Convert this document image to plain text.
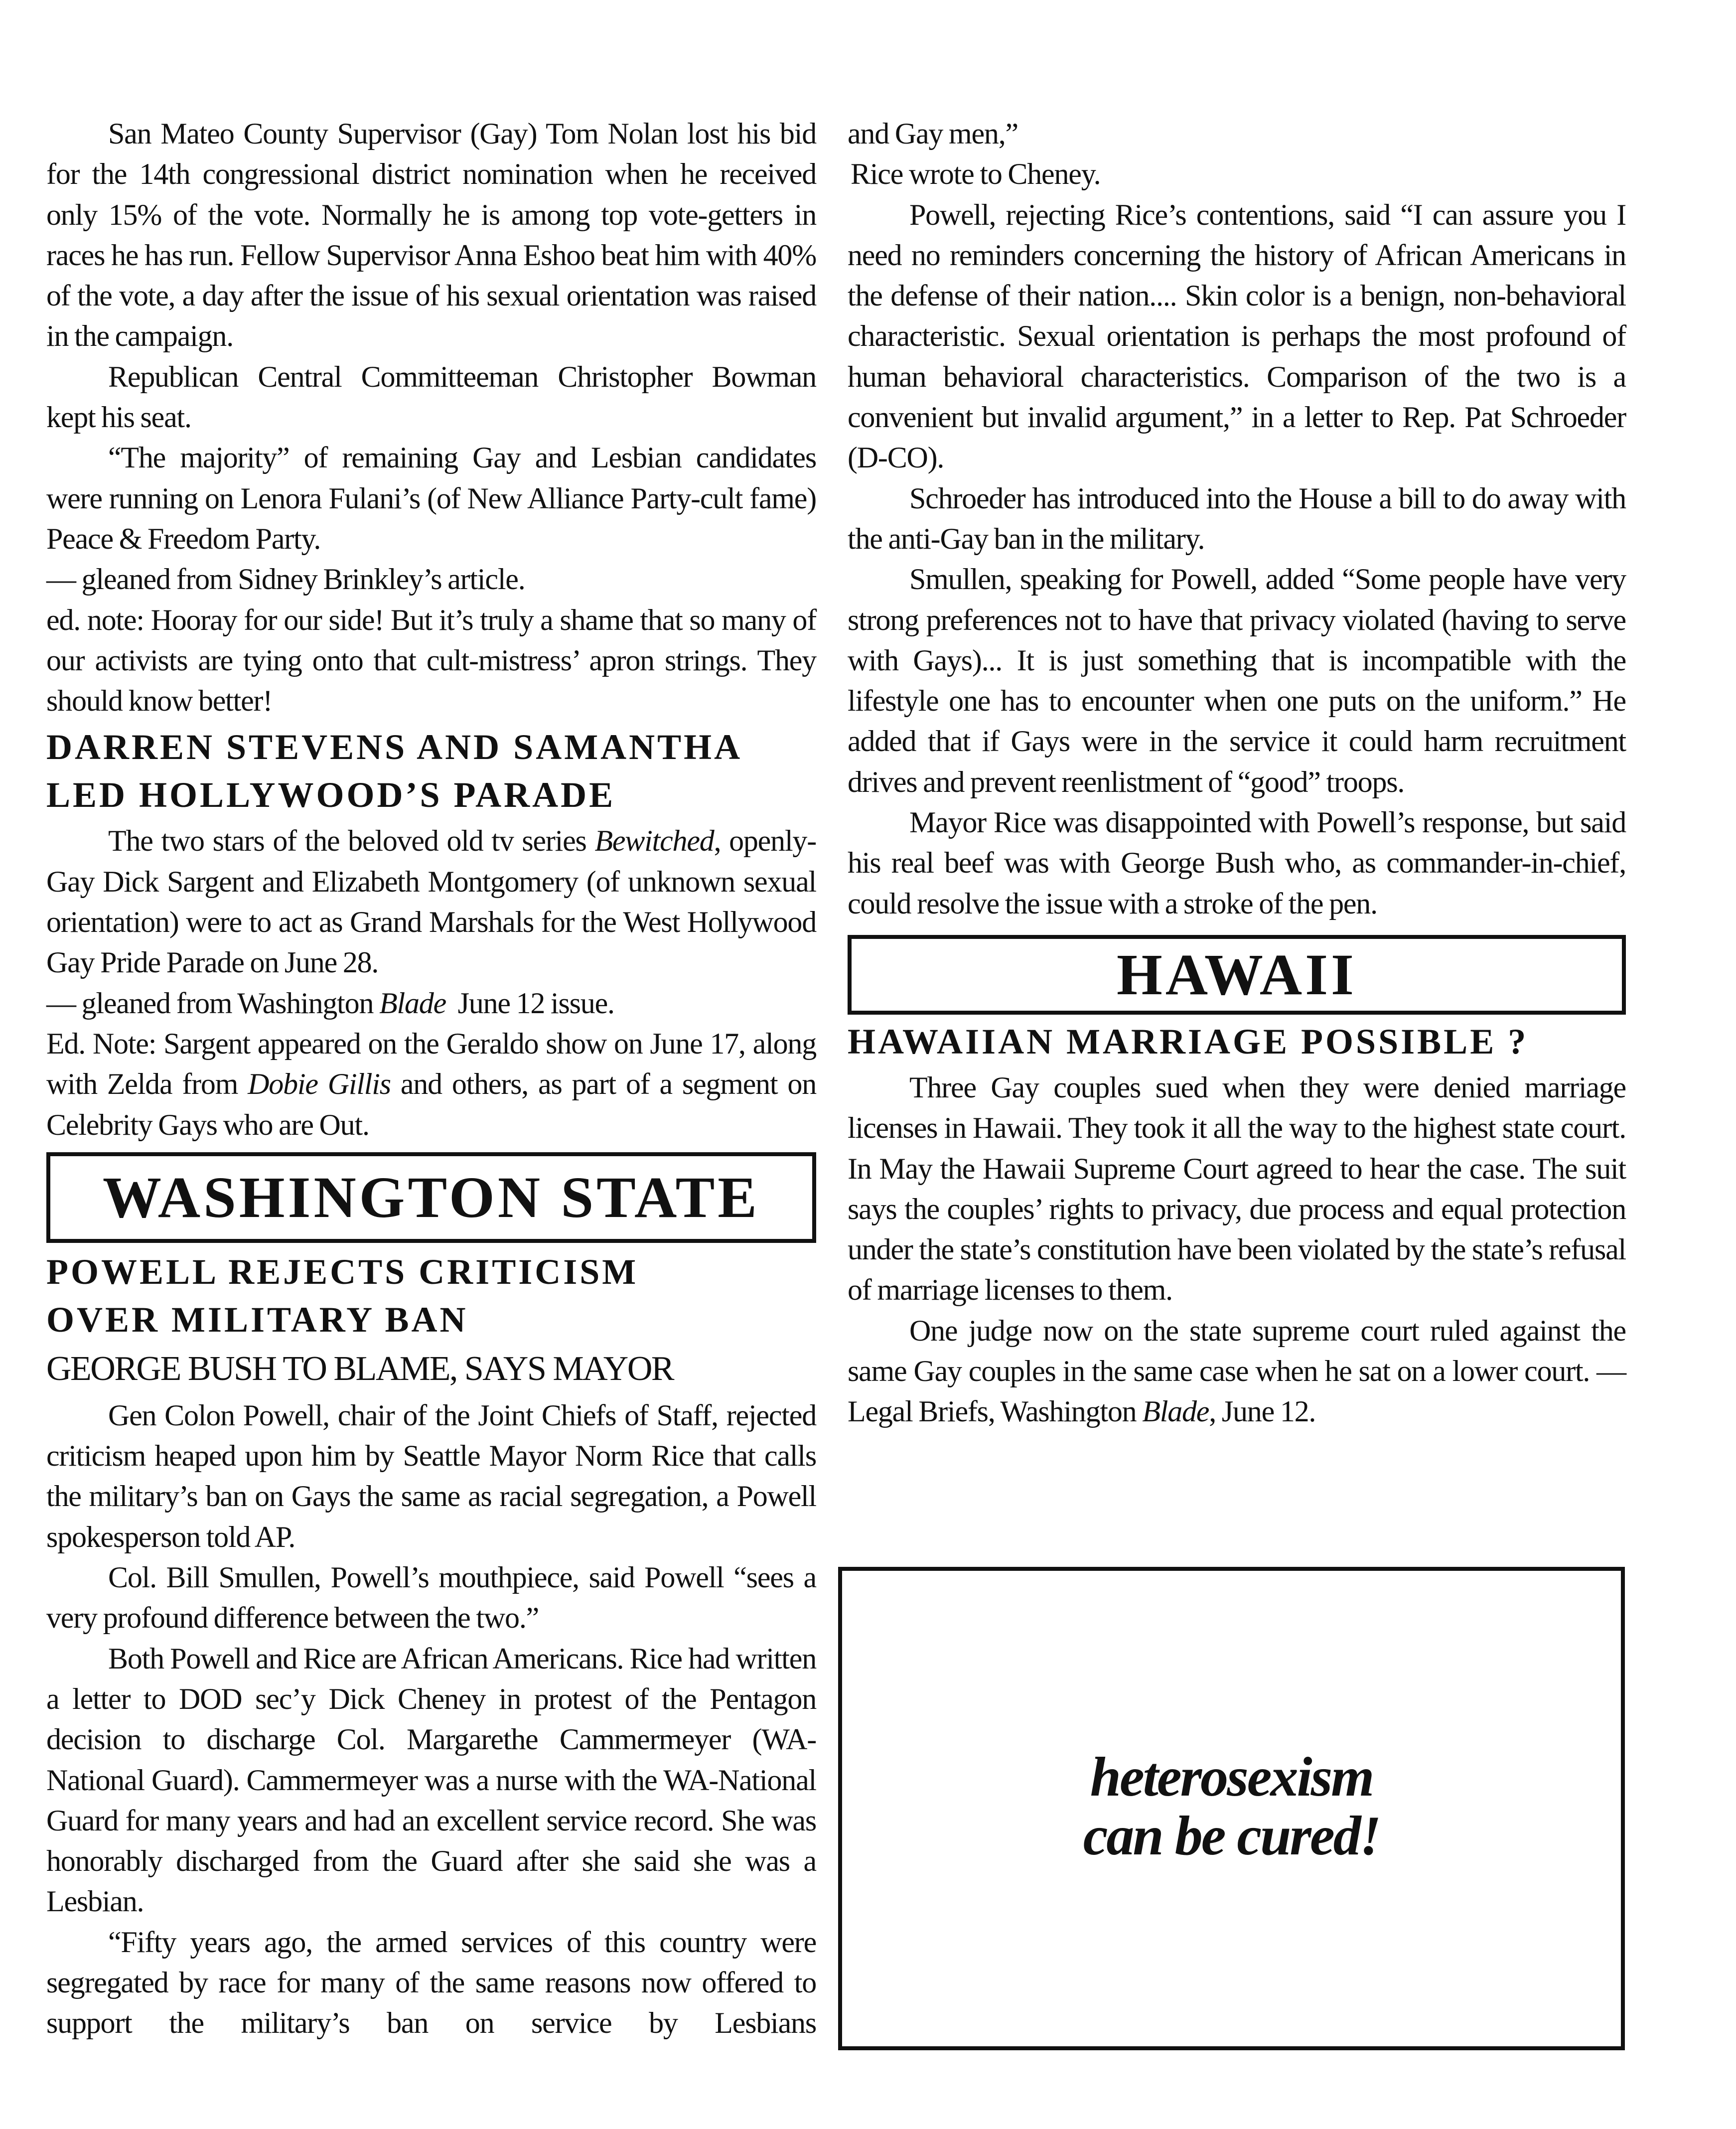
San Mateo County Supervisor (Gay) Tom Nolan lost his bid for the 14th congressional district nomination when he received only 15% of the vote. Normally he is among top vote-getters in races he has run. Fellow Supervisor Anna Eshoo beat him with 40% of the vote, a day after the issue of his sexual orientation was raised in the campaign.

Republican Central Committeeman Christopher Bowman kept his seat.

“The majority” of remaining Gay and Lesbian candidates were running on Lenora Fulani’s (of New Alliance Party-cult fame) Peace & Freedom Party.

— gleaned from Sidney Brinkley’s article.

ed. note: Hooray for our side! But it’s truly a shame that so many of our activists are tying onto that cult-mistress’ apron strings. They should know better!

DARREN STEVENS AND SAMANTHA LED HOLLYWOOD’S PARADE

The two stars of the beloved old tv series Bewitched, openly-Gay Dick Sargent and Elizabeth Montgomery (of unknown sexual orientation) were to act as Grand Marshals for the West Hollywood Gay Pride Parade on June 28.

— gleaned from Washington Blade  June 12 issue.

Ed. Note: Sargent appeared on the Geraldo show on June 17, along with Zelda from Dobie Gillis and others, as part of a segment on Celebrity Gays who are Out.

WASHINGTON STATE
POWELL REJECTS CRITICISM OVER MILITARY BAN
GEORGE BUSH TO BLAME, SAYS MAYOR

Gen Colon Powell, chair of the Joint Chiefs of Staff, rejected criticism heaped upon him by Seattle Mayor Norm Rice that calls the military’s ban on Gays the same as racial segregation, a Powell spokesperson told AP.

Col. Bill Smullen, Powell’s mouthpiece, said Powell “sees a very profound difference between the two.”

Both Powell and Rice are African Americans. Rice had written a letter to DOD sec’y Dick Cheney in protest of the Pentagon decision to discharge Col. Margarethe Cammermeyer (WA-National Guard). Cammermeyer was a nurse with the WA-National Guard for many years and had an excellent service record. She was honorably discharged from the Guard after she said she was a Lesbian.

“Fifty years ago, the armed services of this country were segregated by race for many of the same reasons now offered to support the military’s ban on service by Lesbians

and Gay men,”

Rice wrote to Cheney.

Powell, rejecting Rice’s contentions, said “I can assure you I need no reminders concerning the history of African Americans in the defense of their nation.... Skin color is a benign, non-behavioral characteristic. Sexual orientation is perhaps the most profound of human behavioral characteristics. Comparison of the two is a convenient but invalid argument,” in a letter to Rep. Pat Schroeder (D-CO).

Schroeder has introduced into the House a bill to do away with the anti-Gay ban in the military.

Smullen, speaking for Powell, added “Some people have very strong preferences not to have that privacy violated (having to serve with Gays)... It is just something that is incompatible with the lifestyle one has to encounter when one puts on the uniform.” He added that if Gays were in the service it could harm recruitment drives and prevent reenlistment of “good” troops.

Mayor Rice was disappointed with Powell’s response, but said his real beef was with George Bush who, as commander-in-chief, could resolve the issue with a stroke of the pen.

HAWAII
HAWAIIAN MARRIAGE POSSIBLE ?

Three Gay couples sued when they were denied marriage licenses in Hawaii. They took it all the way to the highest state court. In May the Hawaii Supreme Court agreed to hear the case. The suit says the couples’ rights to privacy, due process and equal protection under the state’s constitution have been violated by the state’s refusal of marriage licenses to them.

One judge now on the state supreme court ruled against the same Gay couples in the same case when he sat on a lower court. — Legal Briefs, Washington Blade, June 12.

heterosexism
can be cured!
